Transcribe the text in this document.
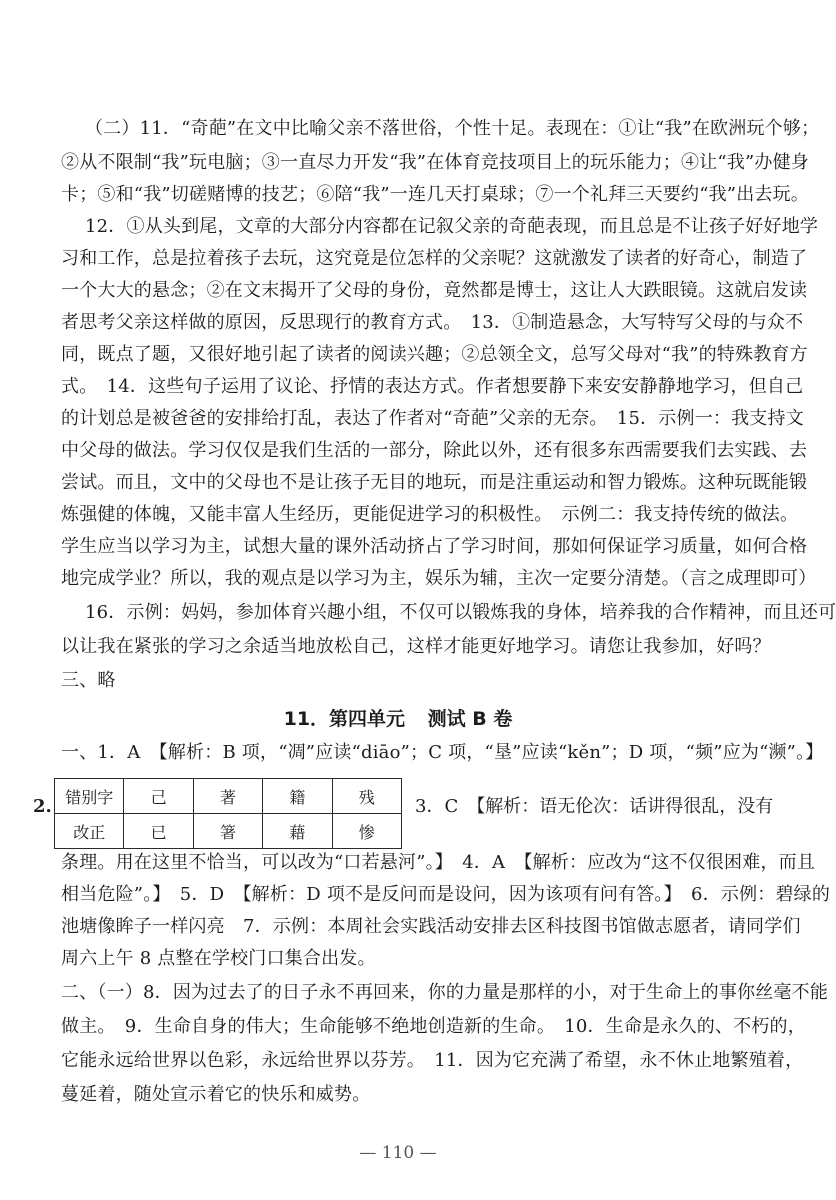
（二）11．“奇葩”在文中比喻父亲不落世俗，个性十足。表现在：①让“我”在欧洲玩个够；
②从不限制“我”玩电脑；③一直尽力开发“我”在体育竞技项目上的玩乐能力；④让“我”办健身
卡；⑤和“我”切磋赌博的技艺；⑥陪“我”一连几天打桌球；⑦一个礼拜三天要约“我”出去玩。
12．①从头到尾，文章的大部分内容都在记叙父亲的奇葩表现，而且总是不让孩子好好地学
习和工作，总是拉着孩子去玩，这究竟是位怎样的父亲呢？这就激发了读者的好奇心，制造了
一个大大的悬念；②在文末揭开了父母的身份，竟然都是博士，这让人大跌眼镜。这就启发读
者思考父亲这样做的原因，反思现行的教育方式。　13．①制造悬念，大写特写父母的与众不
同，既点了题，又很好地引起了读者的阅读兴趣；②总领全文，总写父母对“我”的特殊教育方
式。　14．这些句子运用了议论、抒情的表达方式。作者想要静下来安安静静地学习，但自己
的计划总是被爸爸的安排给打乱，表达了作者对“奇葩”父亲的无奈。　15．示例一：我支持文
中父母的做法。学习仅仅是我们生活的一部分，除此以外，还有很多东西需要我们去实践、去
尝试。而且，文中的父母也不是让孩子无目的地玩，而是注重运动和智力锻炼。这种玩既能锻
炼强健的体魄，又能丰富人生经历，更能促进学习的积极性。　示例二：我支持传统的做法。
学生应当以学习为主，试想大量的课外活动挤占了学习时间，那如何保证学习质量，如何合格
地完成学业？所以，我的观点是以学习为主，娱乐为辅，主次一定要分清楚。（言之成理即可）
16．示例：妈妈，参加体育兴趣小组，不仅可以锻炼我的身体，培养我的合作精神，而且还可
以让我在紧张的学习之余适当地放松自己，这样才能更好地学习。请您让我参加，好吗？
三、略
11．第四单元 测试 B 卷
一、1．A　【解析：B 项，“凋”应读“diāo”；C 项，“垦”应读“kěn”；D 项，“频”应为“濒”。】
2. 错别字	己	著	籍	残
改正	已	箸	藉	惨
3．C　【解析：语无伦次：话讲得很乱，没有
条理。用在这里不恰当，可以改为“口若悬河”。】　4．A　【解析：应改为“这不仅很困难，而且
相当危险”。】　5．D　【解析：D 项不是反问而是设问，因为该项有问有答。】　6．示例：碧绿的
池塘像眸子一样闪亮　7．示例：本周社会实践活动安排去区科技图书馆做志愿者，请同学们
周六上午 8 点整在学校门口集合出发。
二、（一）8．因为过去了的日子永不再回来，你的力量是那样的小，对于生命上的事你丝毫不能
做主。　9．生命自身的伟大；生命能够不绝地创造新的生命。　10．生命是永久的、不朽的，
它能永远给世界以色彩，永远给世界以芬芳。　11．因为它充满了希望，永不休止地繁殖着，
蔓延着，随处宣示着它的快乐和威势。
— 110 —
